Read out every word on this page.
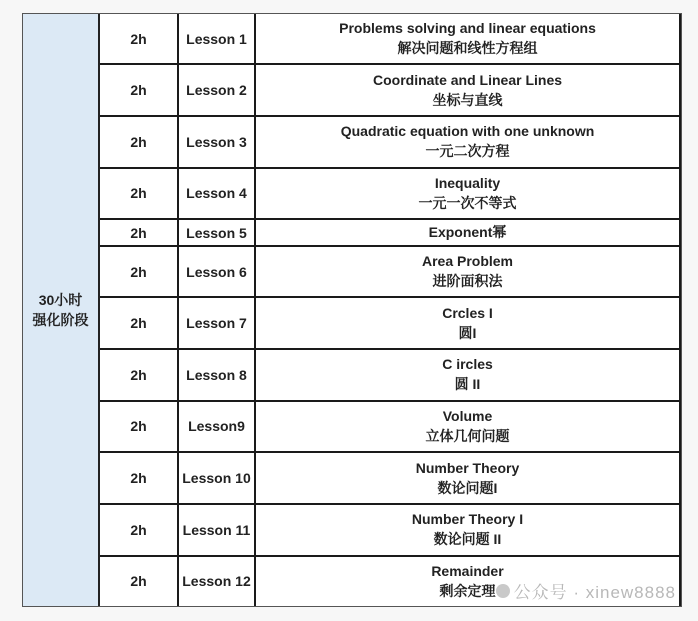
30小时
强化阶段
2h	Lesson 1	Problems solving and linear equations
解决问题和线性方程组

2h	Lesson 2	Coordinate and Linear Lines
坐标与直线

2h	Lesson 3	Quadratic equation with one unknown
一元二次方程

2h	Lesson 4	Inequality
一元一次不等式

2h	Lesson 5	Exponent幂

2h	Lesson 6	Area Problem
进阶面积法

2h	Lesson 7	Crcles I
圆I

2h	Lesson 8	C ircles
圆 II

2h	Lesson9	Volume
立体几何问题

2h	Lesson 10	Number Theory
数论问题I

2h	Lesson 11	Number Theory I
数论问题 II

2h	Lesson 12	Remainder
剩余定理	公众号 · xinew8888
